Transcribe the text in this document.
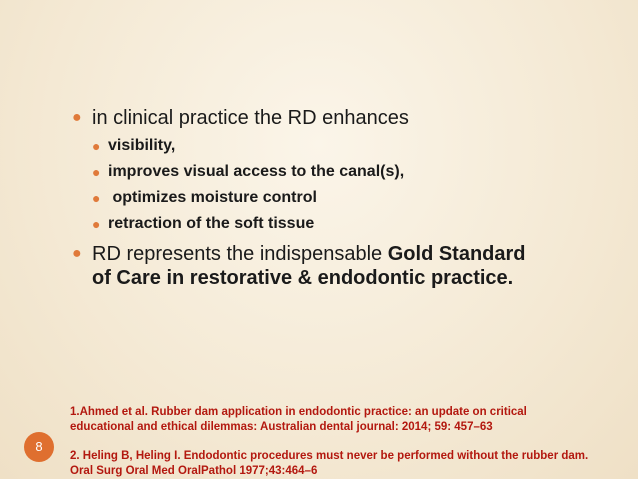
● in clinical practice the RD enhances
● visibility,
● improves visual access to the canal(s),
● optimizes moisture control
● retraction of the soft tissue
● RD represents the indispensable Gold Standard
of Care in restorative & endodontic practice.
1.Ahmed et al. Rubber dam application in endodontic practice: an update on critical
educational and ethical dilemmas: Australian dental journal: 2014; 59: 457–63
2. Heling B, Heling I. Endodontic procedures must never be performed without the rubber dam.
Oral Surg Oral Med OralPathol 1977;43:464–6
8
